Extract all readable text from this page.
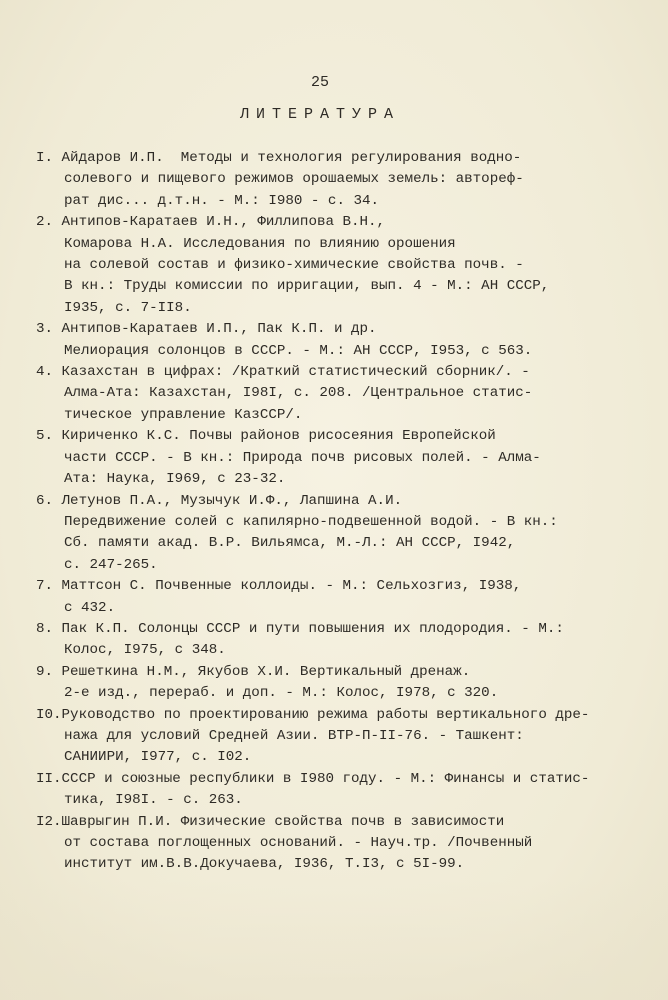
25
ЛИТЕРАТУРА
I. Айдаров И.П.  Методы и технология регулирования водно-
солевого и пищевого режимов орошаемых земель: автореф-
рат дис... д.т.н. - М.: I980 - с. 34.
2. Антипов-Каратаев И.Н., Филлипова В.Н.,
Комарова Н.А. Исследования по влиянию орошения
на солевой состав и физико-химические свойства почв. -
В кн.: Труды комиссии по ирригации, вып. 4 - М.: АН СССР,
I935, с. 7-II8.
3. Антипов-Каратаев И.П., Пак К.П. и др.
Мелиорация солонцов в СССР. - М.: АН СССР, I953, с 563.
4. Казахстан в цифрах: /Краткий статистический сборник/. -
Алма-Ата: Казахстан, I98I, с. 208. /Центральное статис-
тическое управление КазССР/.
5. Кириченко К.С. Почвы районов рисосеяния Европейской
части СССР. - В кн.: Природа почв рисовых полей. - Алма-
Ата: Наука, I969, с 23-32.
6. Летунов П.А., Музычук И.Ф., Лапшина А.И.
Передвижение солей с капилярно-подвешенной водой. - В кн.:
Сб. памяти акад. В.Р. Вильямса, М.-Л.: АН СССР, I942,
с. 247-265.
7. Маттсон С. Почвенные коллоиды. - М.: Сельхозгиз, I938,
с 432.
8. Пак К.П. Солонцы СССР и пути повышения их плодородия. - М.:
Колос, I975, с 348.
9. Решеткина Н.М., Якубов Х.И. Вертикальный дренаж.
2-е изд., перераб. и доп. - М.: Колос, I978, с 320.
I0.Руководство по проектированию режима работы вертикального дре-
нажа для условий Средней Азии. ВТР-П-II-76. - Ташкент:
САНИИРИ, I977, с. I02.
II.СССР и союзные республики в I980 году. - М.: Финансы и статис-
тика, I98I. - с. 263.
I2.Шаврыгин П.И. Физические свойства почв в зависимости
от состава поглощенных оснований. - Науч.тр. /Почвенный
институт им.В.В.Докучаева, I936, Т.I3, с 5I-99.
